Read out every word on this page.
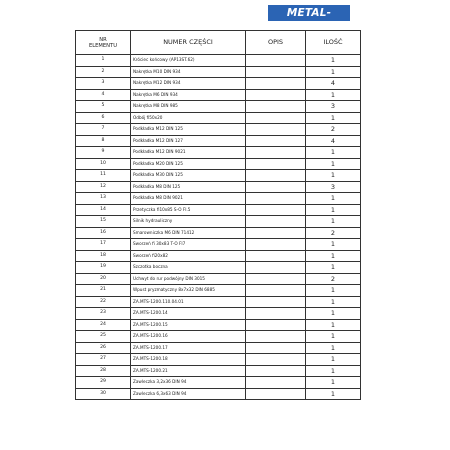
METAL-TECHNIK
NR
ELEMENTU	NUMER CZĘŚCI	OPIS	ILOŚĆ
1	Króciec końcowy (AP13ST.62)		1
2	Nakrętka M10 DIN 934		1
3	Nakrętka M12 DIN 934		4
4	Nakrętka M6 DIN 934		1
5	Nakrętka M8 DIN 985		3
6	Odbój fi50x20		1
7	Podkładka M12 DIN 125		2
8	Podkładka M12 DIN 127		4
9	Podkładka M12 DIN 9021		1
10	Podkładka M20 DIN 125		1
11	Podkładka M30 DIN 125		1
12	Podkładka M8 DIN 125		3
13	Podkładka M8 DIN 9021		1
14	Przetyczka fi10x85 S-O FI.5		1
15	Silnik hydrauliczny		1
16	Smarowniczka M6 DIN 71412		2
17	Sworzeń fi 30x83 T-O FI7		1
18	Sworzeń fi20x82		1
19	Szczotka boczna		1
20	Uchwyt do rur podwójny DIN 3015		2
21	Wpust pryzmatyczny 8x7x32 DIN 6885		1
22	ZA.MTS-1200.110.04.01		1
23	ZA.MTS-1200.14		1
24	ZA.MTS-1200.15		1
25	ZA.MTS-1200.16		1
26	ZA.MTS-1200.17		1
27	ZA.MTS-1200.18		1
28	ZA.MTS-1200.21		1
29	Zawleczka 3,2x36 DIN 94		1
30	Zawleczka 6,3x63 DIN 94		1
